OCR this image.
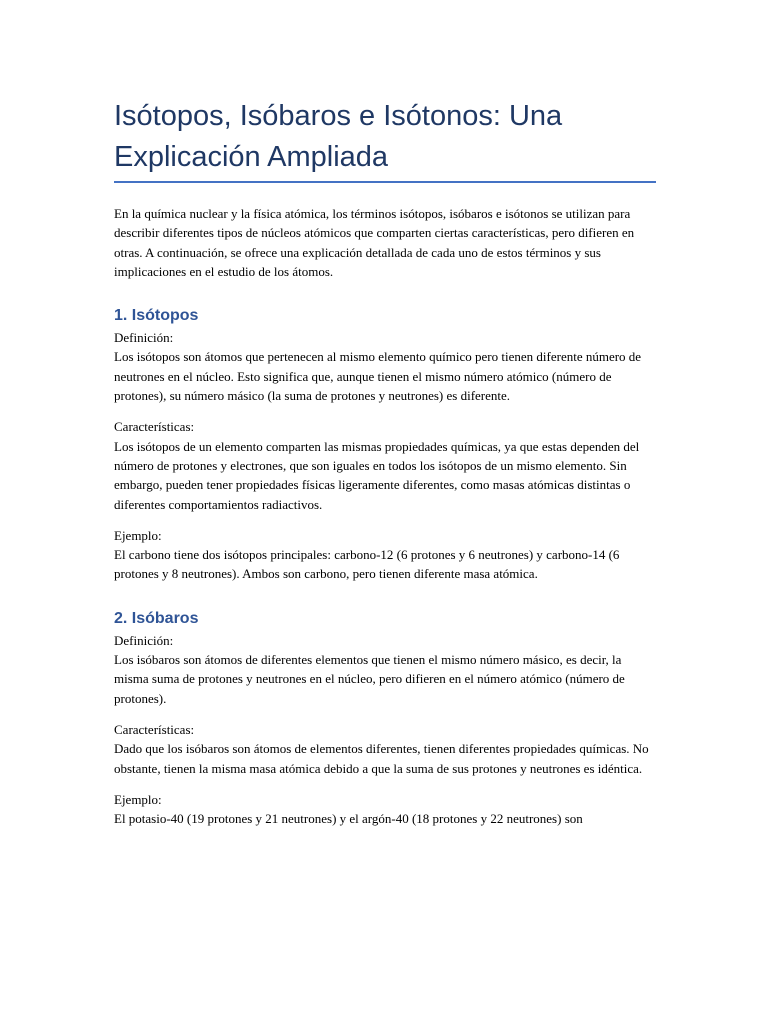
Isótopos, Isóbaros e Isótonos: Una Explicación Ampliada

En la química nuclear y la física atómica, los términos isótopos, isóbaros e isótonos se utilizan para describir diferentes tipos de núcleos atómicos que comparten ciertas características, pero difieren en otras. A continuación, se ofrece una explicación detallada de cada uno de estos términos y sus implicaciones en el estudio de los átomos.

1. Isótopos
Definición:
Los isótopos son átomos que pertenecen al mismo elemento químico pero tienen diferente número de neutrones en el núcleo. Esto significa que, aunque tienen el mismo número atómico (número de protones), su número másico (la suma de protones y neutrones) es diferente.
Características:
Los isótopos de un elemento comparten las mismas propiedades químicas, ya que estas dependen del número de protones y electrones, que son iguales en todos los isótopos de un mismo elemento. Sin embargo, pueden tener propiedades físicas ligeramente diferentes, como masas atómicas distintas o diferentes comportamientos radiactivos.
Ejemplo:
El carbono tiene dos isótopos principales: carbono-12 (6 protones y 6 neutrones) y carbono-14 (6 protones y 8 neutrones). Ambos son carbono, pero tienen diferente masa atómica.
2. Isóbaros
Definición:
Los isóbaros son átomos de diferentes elementos que tienen el mismo número másico, es decir, la misma suma de protones y neutrones en el núcleo, pero difieren en el número atómico (número de protones).
Características:
Dado que los isóbaros son átomos de elementos diferentes, tienen diferentes propiedades químicas. No obstante, tienen la misma masa atómica debido a que la suma de sus protones y neutrones es idéntica.
Ejemplo:
El potasio-40 (19 protones y 21 neutrones) y el argón-40 (18 protones y 22 neutrones) son
